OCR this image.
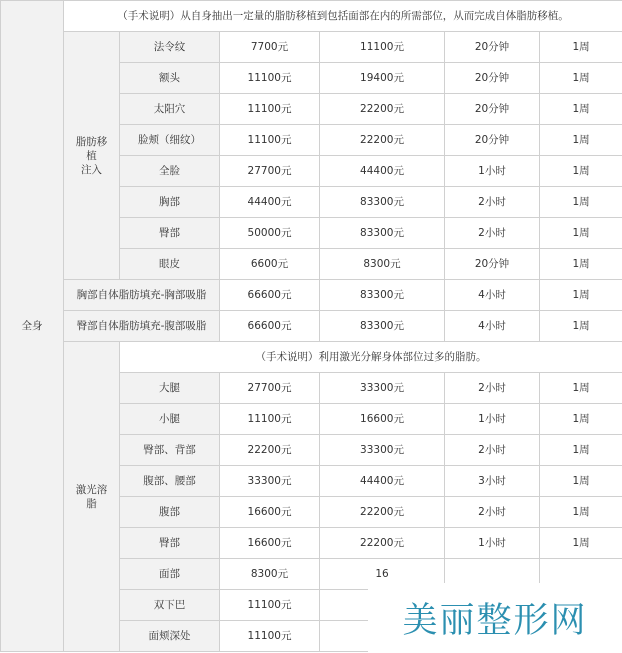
全身	（手术说明）从自身抽出一定量的脂肪移植到包括面部在内的所需部位，从而完成自体脂肪移植。					
	脂肪移
植
注入	法令纹	7700元	11100元	20分钟	1周
		额头	11100元	19400元	20分钟	1周
		太阳穴	11100元	22200元	20分钟	1周
		脸颊（细纹）	11100元	22200元	20分钟	1周
		全脸	27700元	44400元	1小时	1周
		胸部	44400元	83300元	2小时	1周
		臀部	50000元	83300元	2小时	1周
		眼皮	6600元	8300元	20分钟	1周
	胸部自体脂肪填充-胸部吸脂		66600元	83300元	4小时	1周
	臀部自体脂肪填充-腹部吸脂		66600元	83300元	4小时	1周
	激光溶
脂	（手术说明）利用激光分解身体部位过多的脂肪。				
		大腿	27700元	33300元	2小时	1周
		小腿	11100元	16600元	1小时	1周
		臀部、背部	22200元	33300元	2小时	1周
		腹部、腰部	33300元	44400元	3小时	1周
		腹部	16600元	22200元	2小时	1周
		臀部	16600元	22200元	1小时	1周
		面部	8300元	16		
		双下巴	11100元			
		面颊深处	11100元				美丽整形网
